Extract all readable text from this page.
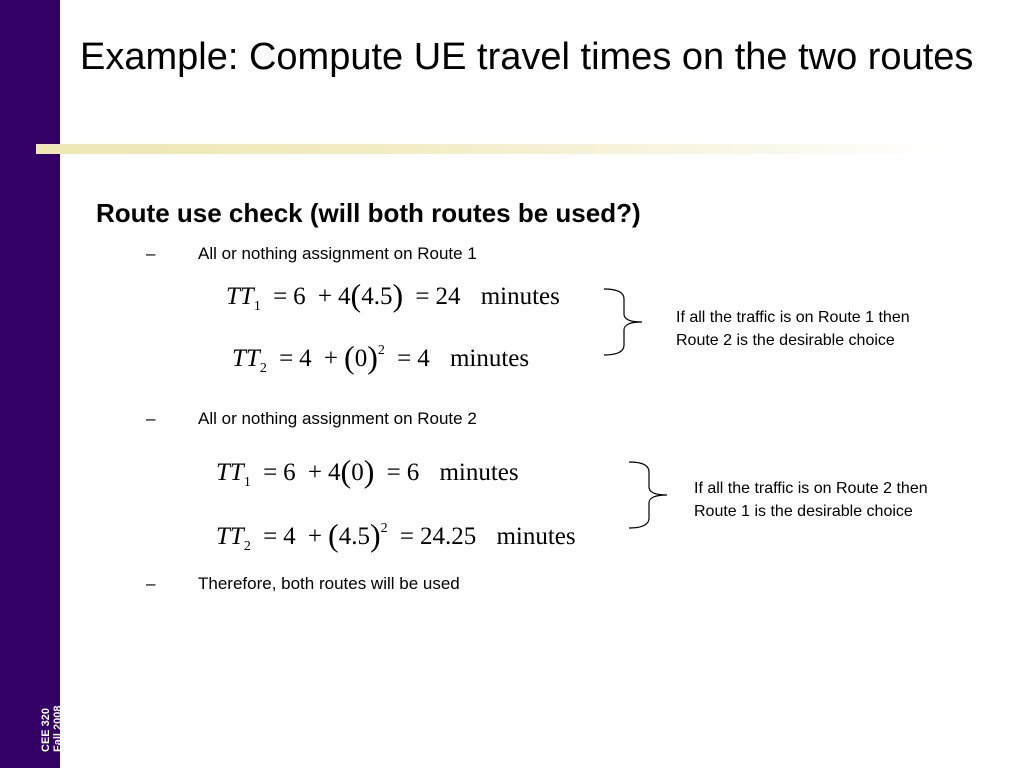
CEE 320 Fall 2008
Example: Compute UE travel times on the two routes
Route use check (will both routes be used?)
–	All or nothing assignment on Route 1
$TT_1 = 6 + 4(4.5) = 24$ minutes
$TT_2 = 4 + (0)^2 = 4$ minutes
If all the traffic is on Route 1 then
Route 2 is the desirable choice
–	All or nothing assignment on Route 2
$TT_1 = 6 + 4(0) = 6$ minutes
$TT_2 = 4 + (4.5)^2 = 24.25$ minutes
If all the traffic is on Route 2 then
Route 1 is the desirable choice
–	Therefore, both routes will be used
